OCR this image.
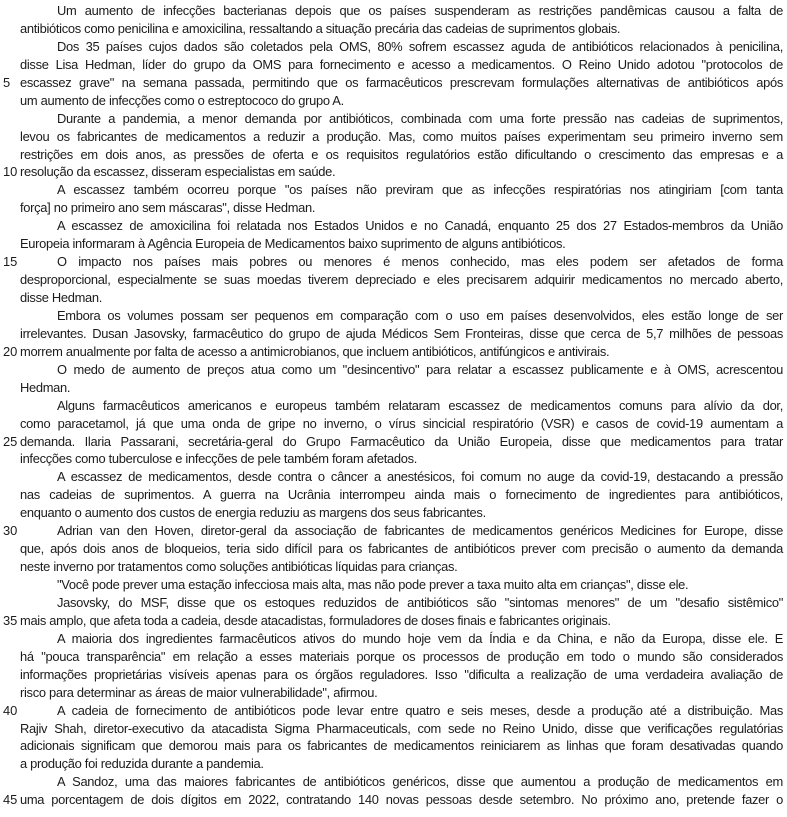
Um aumento de infecções bacterianas depois que os países suspenderam as restrições pandêmicas causou a falta de
antibióticos como penicilina e amoxicilina, ressaltando a situação precária das cadeias de suprimentos globais.
Dos 35 países cujos dados são coletados pela OMS, 80% sofrem escassez aguda de antibióticos relacionados à penicilina,
disse Lisa Hedman, líder do grupo da OMS para fornecimento e acesso a medicamentos. O Reino Unido adotou "protocolos de
5 escassez grave" na semana passada, permitindo que os farmacêuticos prescrevam formulações alternativas de antibióticos após
um aumento de infecções como o estreptococo do grupo A.
Durante a pandemia, a menor demanda por antibióticos, combinada com uma forte pressão nas cadeias de suprimentos,
levou os fabricantes de medicamentos a reduzir a produção. Mas, como muitos países experimentam seu primeiro inverno sem
restrições em dois anos, as pressões de oferta e os requisitos regulatórios estão dificultando o crescimento das empresas e a
10 resolução da escassez, disseram especialistas em saúde.
A escassez também ocorreu porque "os países não previram que as infecções respiratórias nos atingiriam [com tanta
força] no primeiro ano sem máscaras", disse Hedman.
A escassez de amoxicilina foi relatada nos Estados Unidos e no Canadá, enquanto 25 dos 27 Estados-membros da União
Europeia informaram à Agência Europeia de Medicamentos baixo suprimento de alguns antibióticos.
15	O impacto nos países mais pobres ou menores é menos conhecido, mas eles podem ser afetados de forma
desproporcional, especialmente se suas moedas tiverem depreciado e eles precisarem adquirir medicamentos no mercado aberto,
disse Hedman.
Embora os volumes possam ser pequenos em comparação com o uso em países desenvolvidos, eles estão longe de ser
irrelevantes. Dusan Jasovsky, farmacêutico do grupo de ajuda Médicos Sem Fronteiras, disse que cerca de 5,7 milhões de pessoas
20 morrem anualmente por falta de acesso a antimicrobianos, que incluem antibióticos, antifúngicos e antivirais.
O medo de aumento de preços atua como um "desincentivo" para relatar a escassez publicamente e à OMS, acrescentou
Hedman.
Alguns farmacêuticos americanos e europeus também relataram escassez de medicamentos comuns para alívio da dor,
como paracetamol, já que uma onda de gripe no inverno, o vírus sincicial respiratório (VSR) e casos de covid-19 aumentam a
25 demanda. Ilaria Passarani, secretária-geral do Grupo Farmacêutico da União Europeia, disse que medicamentos para tratar
infecções como tuberculose e infecções de pele também foram afetados.
A escassez de medicamentos, desde contra o câncer a anestésicos, foi comum no auge da covid-19, destacando a pressão
nas cadeias de suprimentos. A guerra na Ucrânia interrompeu ainda mais o fornecimento de ingredientes para antibióticos,
enquanto o aumento dos custos de energia reduziu as margens dos seus fabricantes.
30	Adrian van den Hoven, diretor-geral da associação de fabricantes de medicamentos genéricos Medicines for Europe, disse
que, após dois anos de bloqueios, teria sido difícil para os fabricantes de antibióticos prever com precisão o aumento da demanda
neste inverno por tratamentos como soluções antibióticas líquidas para crianças.
"Você pode prever uma estação infecciosa mais alta, mas não pode prever a taxa muito alta em crianças", disse ele.
Jasovsky, do MSF, disse que os estoques reduzidos de antibióticos são "sintomas menores" de um "desafio sistêmico"
35 mais amplo, que afeta toda a cadeia, desde atacadistas, formuladores de doses finais e fabricantes originais.
A maioria dos ingredientes farmacêuticos ativos do mundo hoje vem da Índia e da China, e não da Europa, disse ele. E
há "pouca transparência" em relação a esses materiais porque os processos de produção em todo o mundo são considerados
informações proprietárias visíveis apenas para os órgãos reguladores. Isso "dificulta a realização de uma verdadeira avaliação de
risco para determinar as áreas de maior vulnerabilidade", afirmou.
40	A cadeia de fornecimento de antibióticos pode levar entre quatro e seis meses, desde a produção até a distribuição. Mas
Rajiv Shah, diretor-executivo da atacadista Sigma Pharmaceuticals, com sede no Reino Unido, disse que verificações regulatórias
adicionais significam que demorou mais para os fabricantes de medicamentos reiniciarem as linhas que foram desativadas quando
a produção foi reduzida durante a pandemia.
A Sandoz, uma das maiores fabricantes de antibióticos genéricos, disse que aumentou a produção de medicamentos em
45 uma porcentagem de dois dígitos em 2022, contratando 140 novas pessoas desde setembro. No próximo ano, pretende fazer o
